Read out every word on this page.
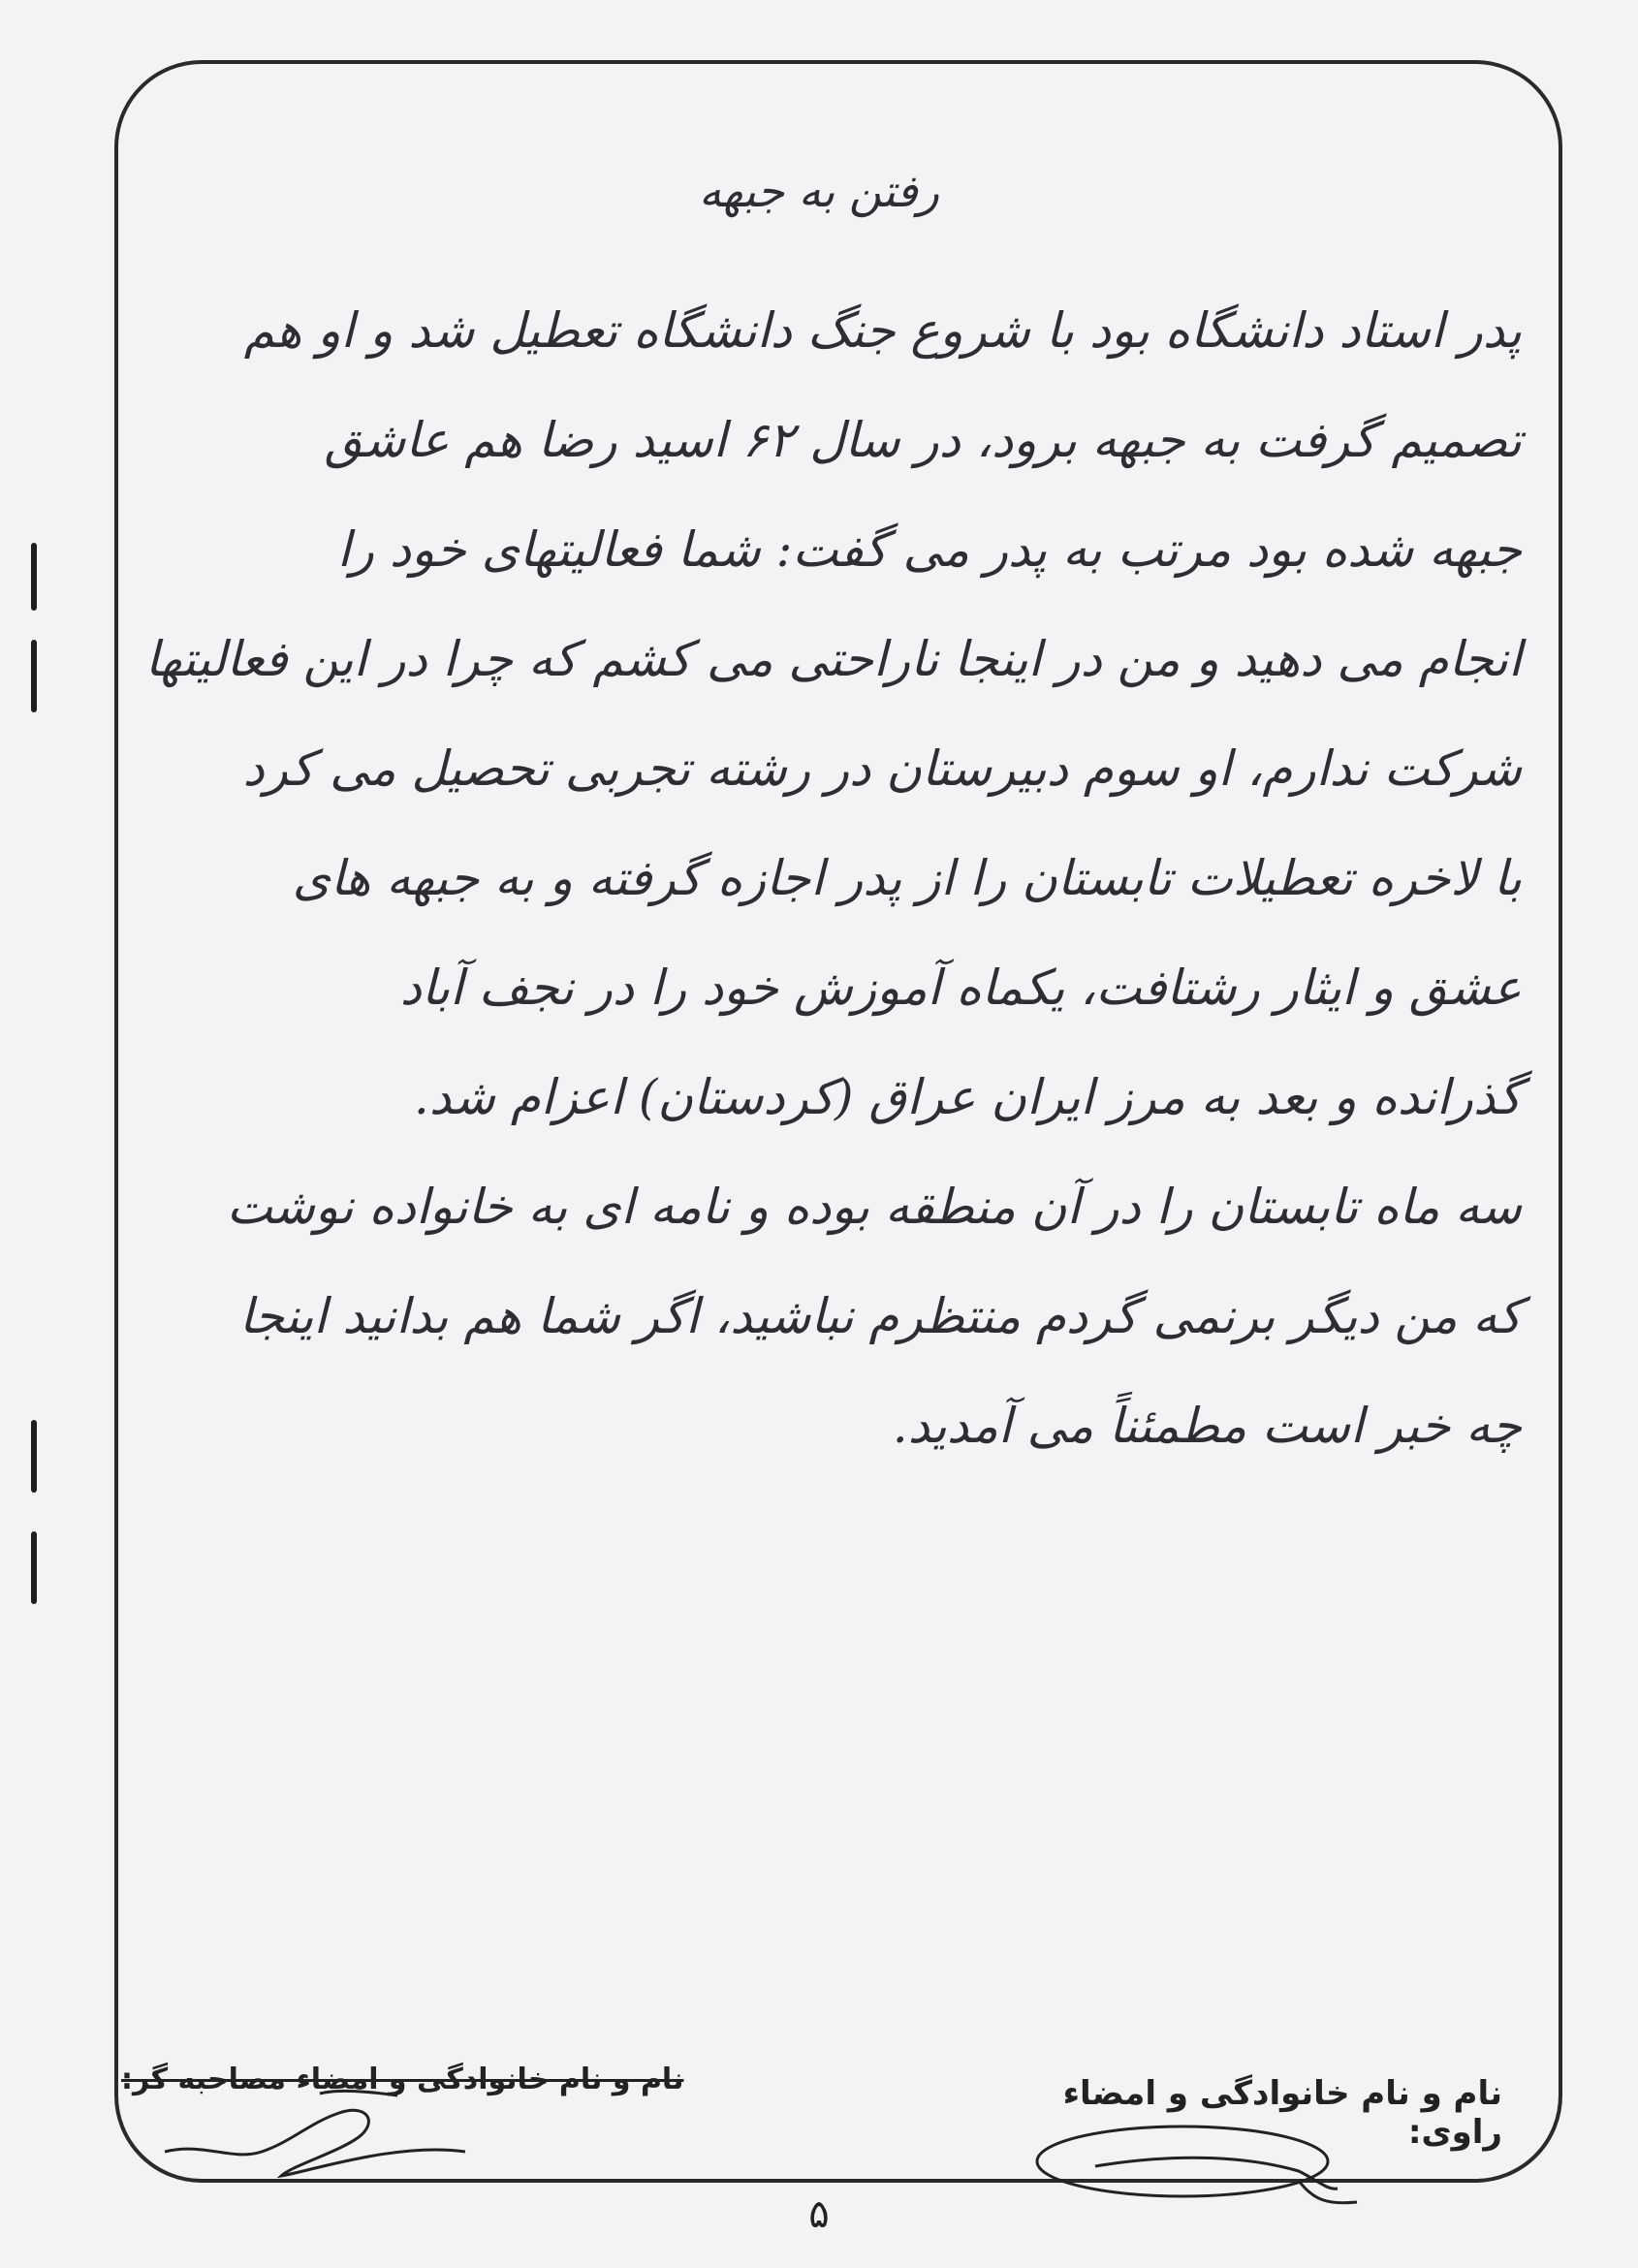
رفتن به جبهه
پدر استاد دانشگاه بود با شروع جنگ دانشگاه تعطیل شد و او هم
تصمیم گرفت به جبهه برود، در سال ۶۲ اسید رضا هم عاشق
جبهه شده بود مرتب به پدر می گفت: شما فعالیتهای خود را
انجام می دهید و من در اینجا ناراحتی می کشم که چرا در این فعالیتها
شرکت ندارم، او سوم دبیرستان در رشته تجربی تحصیل می کرد
با لاخره تعطیلات تابستان را از پدر اجازه گرفته و به جبهه های
عشق و ایثار رشتافت، یکماه آموزش خود را در نجف آباد
گذرانده و بعد به مرز ایران عراق (کردستان) اعزام شد.
سه ماه تابستان را در آن منطقه بوده و نامه ای به خانواده نوشت
که من دیگر برنمی گردم منتظرم نباشید، اگر شما هم بدانید اینجا
چه خبر است مطمئناً می آمدید.
نام و نام خانوادگی و امضاء مصاحبه گر:	نام و نام خانوادگی و امضاء راوی:
۵
